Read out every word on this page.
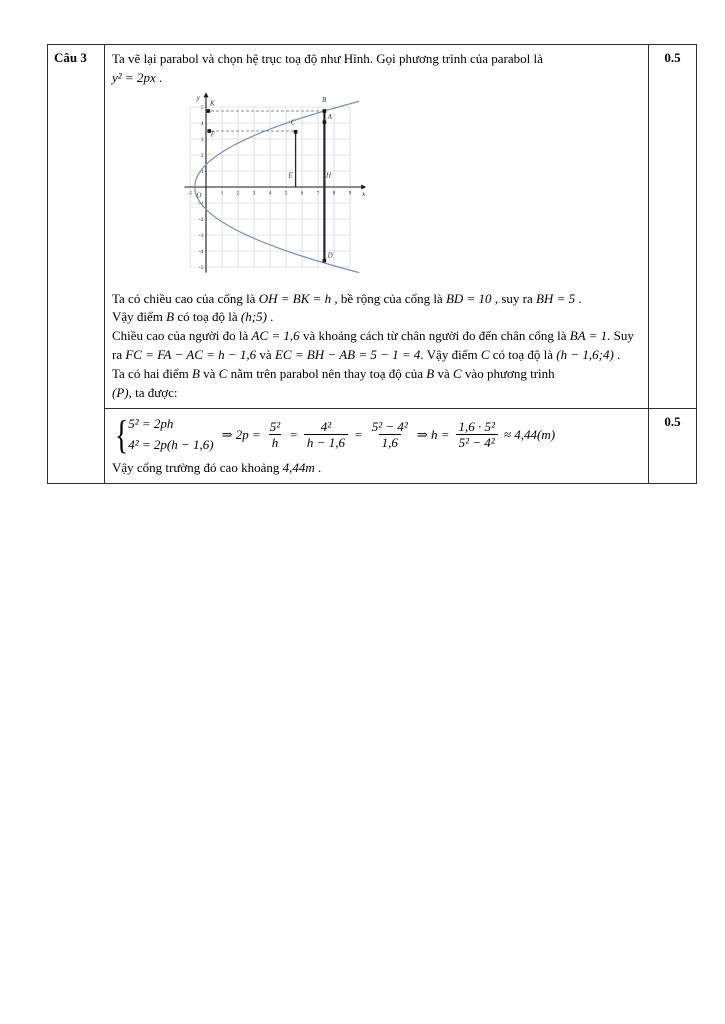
Câu 3	Ta vẽ lại parabol và chọn hệ trục toạ độ như Hình. Gọi phương trình của parabol là
y² = 2px .
x
y
-1	1 2 3 4 5 6 7 8 9
-5
-4
-3
-2
-1
1
2
3
4
5
K	B
A
F
C
E	H
D
O
Ta có chiều cao của cổng là OH = BK = h , bề rộng của cổng là BD = 10 , suy ra BH = 5 .
Vậy điểm B có toạ độ là (h;5) .
Chiều cao của người đo là AC = 1,6 và khoảng cách từ chân người đo đến chân cổng là BA = 1. Suy ra FC = FA − AC = h − 1,6 và EC = BH − AB = 5 − 1 = 4. Vậy điểm C có toạ độ là (h − 1,6;4) .
Ta có hai điểm B và C nằm trên parabol nên thay toạ độ của B và C vào phương trình
(P), ta được:
0.5
{ 5² = 2ph
4² = 2p(h − 1,6)
⇒ $2p = \frac{\text{5²}}{h} = \frac{\text{4²}}{h - 1,6} = \frac{\text{5² − 4²}}{1,6}$ ⇒ $h = \frac{\text{1,6 · 5²}}{\text{5² − 4²}} \approx 4,44(m)$
Vậy cổng trường đó cao khoảng 4,44m .
0.5
